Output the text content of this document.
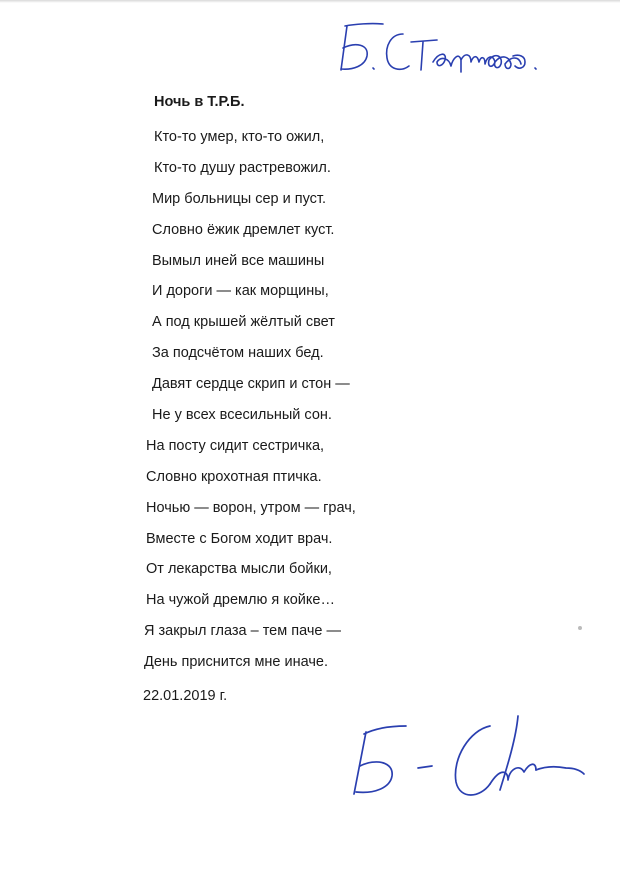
Ночь в Т.Р.Б.
Кто-то умер, кто-то ожил,
Кто-то душу растревожил.
Мир больницы сер и пуст.
Словно ёжик дремлет куст.
Вымыл иней все машины
И дороги — как морщины,
А под крышей жёлтый свет
За подсчётом наших бед.
Давят сердце скрип и стон —
Не у всех всесильный сон.
На посту сидит сестричка,
Словно крохотная птичка.
Ночью — ворон, утром — грач,
Вместе с Богом ходит врач.
От лекарства мысли бойки,
На чужой дремлю я койке…
Я закрыл глаза – тем паче —
День приснится мне иначе.
22.01.2019 г.
